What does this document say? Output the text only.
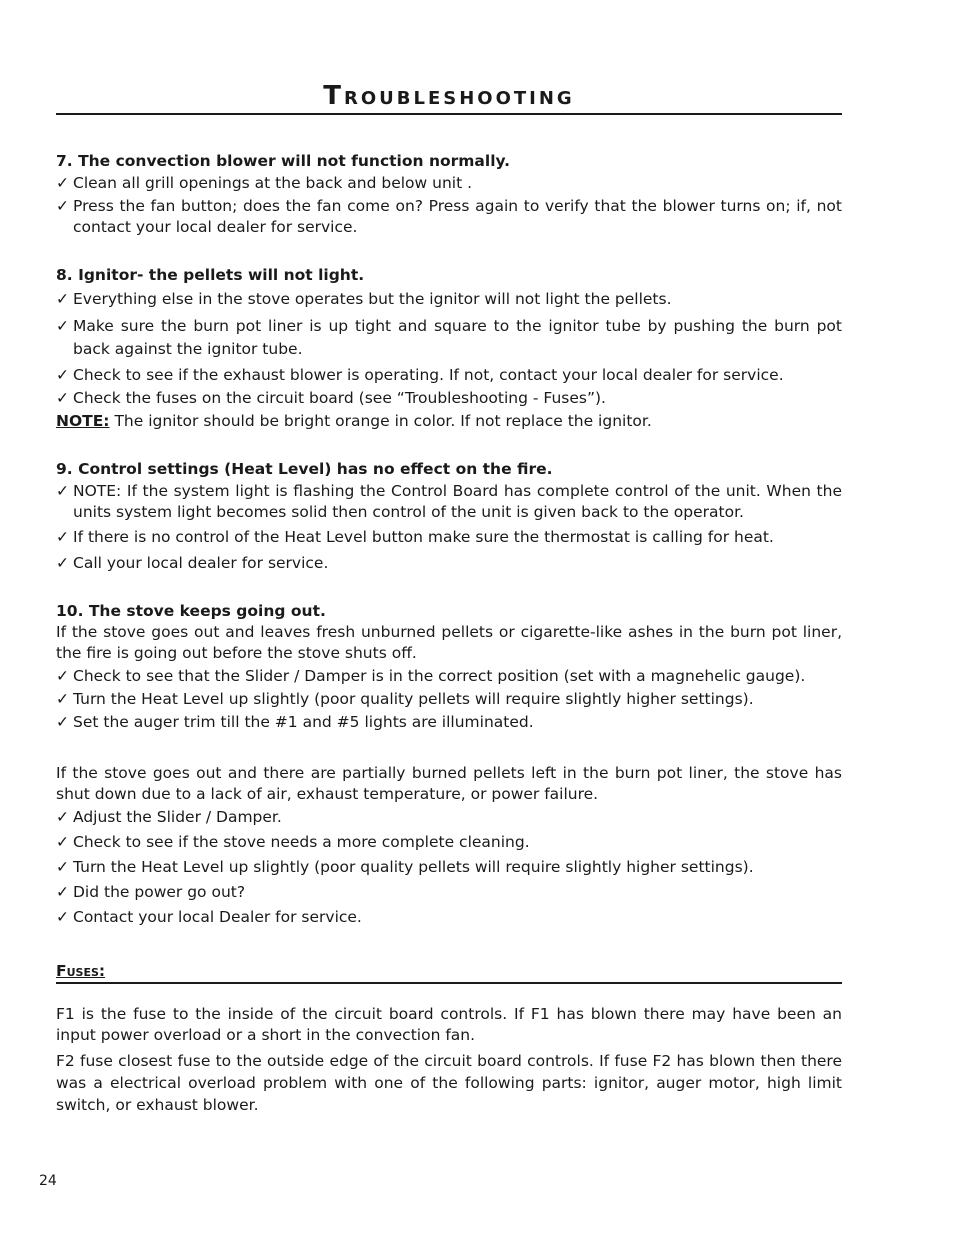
Troubleshooting
7. The convection blower will not function normally.
✓ Clean all grill openings at the back and below unit .
✓ Press the fan button; does the fan come on? Press again to verify that the blower turns on; if, not contact your local dealer for service.
8. Ignitor- the pellets will not light.
✓ Everything else in the stove operates but the ignitor will not light the pellets.
✓ Make sure the burn pot liner is up tight and square to the ignitor tube by pushing the burn pot back against the ignitor tube.
✓ Check to see if the exhaust blower is operating. If not, contact your local dealer for service.
✓ Check the fuses on the circuit board (see “Troubleshooting - Fuses”).
NOTE: The ignitor should be bright orange in color. If not replace the ignitor.
9. Control settings (Heat Level) has no effect on the fire.
✓ NOTE: If the system light is flashing the Control Board has complete control of the unit. When the units system light becomes solid then control of the unit is given back to the operator.
✓ If there is no control of the Heat Level button make sure the thermostat is calling for heat.
✓ Call your local dealer for service.
10. The stove keeps going out.
If the stove goes out and leaves fresh unburned pellets or cigarette-like ashes in the burn pot liner, the fire is going out before the stove shuts off.
✓ Check to see that the Slider / Damper is in the correct position (set with a magnehelic gauge).
✓ Turn the Heat Level up slightly (poor quality pellets will require slightly higher settings).
✓ Set the auger trim till the #1 and #5 lights are illuminated.
If the stove goes out and there are partially burned pellets left in the burn pot liner, the stove has shut down due to a lack of air, exhaust temperature, or power failure.
✓ Adjust the Slider / Damper.
✓ Check to see if the stove needs a more complete cleaning.
✓ Turn the Heat Level up slightly (poor quality pellets will require slightly higher settings).
✓ Did the power go out?
✓ Contact your local Dealer for service.
Fuses:
F1 is the fuse to the inside of the circuit board controls. If F1 has blown there may have been an input power overload or a short in the convection fan.
F2 fuse closest fuse to the outside edge of the circuit board controls. If fuse F2 has blown then there was a electrical overload problem with one of the following parts: ignitor, auger motor, high limit switch, or exhaust blower.
24
